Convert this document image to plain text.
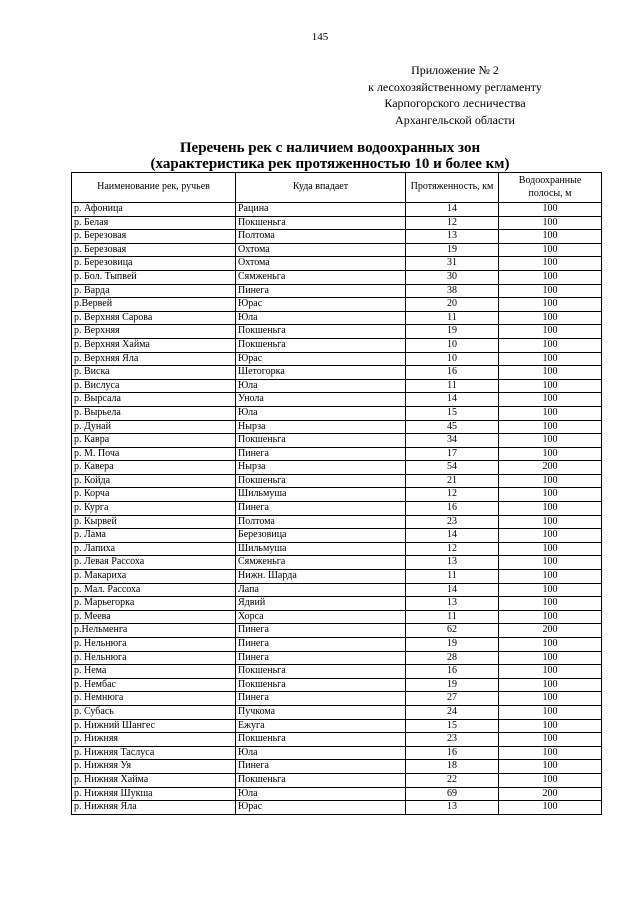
145
Приложение № 2
к лесохозяйственному регламенту
Карпогорского лесничества
Архангельской области
Перечень рек с наличием водоохранных зон
(характеристика рек протяженностью 10 и более км)
Наименование рек, ручьев	Куда впадает	Протяженность, км	Водоохранные полосы, м
р. Афоница	Рацина	14	100
р. Белая	Покшеньга	12	100
р. Березовая	Полтома	13	100
р. Березовая	Охтома	19	100
р. Березовица	Охтома	31	100
р. Бол. Тыпвей	Сямженьга	30	100
р. Варда	Пинега	38	100
р.Вервей	Юрас	20	100
р. Верхняя Сарова	Юла	11	100
р. Верхняя	Покшеньга	19	100
р. Верхняя Хайма	Покшеньга	10	100
р. Верхняя Яла	Юрас	10	100
р. Виска	Шетогорка	16	100
р. Вислуса	Юла	11	100
р. Вырсала	Унола	14	100
р. Вырьела	Юла	15	100
р. Дунай	Нырза	45	100
р. Кавра	Покшеньга	34	100
р. М. Поча	Пинега	17	100
р. Кавера	Нырза	54	200
р. Койда	Покшеньга	21	100
р. Корча	Шильмуша	12	100
р. Курга	Пинега	16	100
р. Кырвей	Полтома	23	100
р. Лама	Березовица	14	100
р. Лапиха	Шильмуша	12	100
р. Левая Рассоха	Сямженьга	13	100
р. Макариха	Нижн. Шарда	11	100
р. Мал. Рассоха	Лапа	14	100
р. Марьегорка	Ядвий	13	100
р. Меева	Хорса	11	100
р.Нельменга	Пинега	62	200
р. Нельнюга	Пинега	19	100
р. Нельнюга	Пинега	28	100
р. Нема	Покшеньга	16	100
р. Нембас	Покшеньга	19	100
р. Немнюга	Пинега	27	100
р. Субась	Пучкома	24	100
р. Нижний Шангес	Ежуга	15	100
р. Нижняя	Покшеньга	23	100
р. Нижняя Таслуса	Юла	16	100
р. Нижняя Уя	Пинега	18	100
р. Нижняя Хайма	Покшеньга	22	100
р. Нижняя Шукша	Юла	69	200
р. Нижняя Яла	Юрас	13	100
